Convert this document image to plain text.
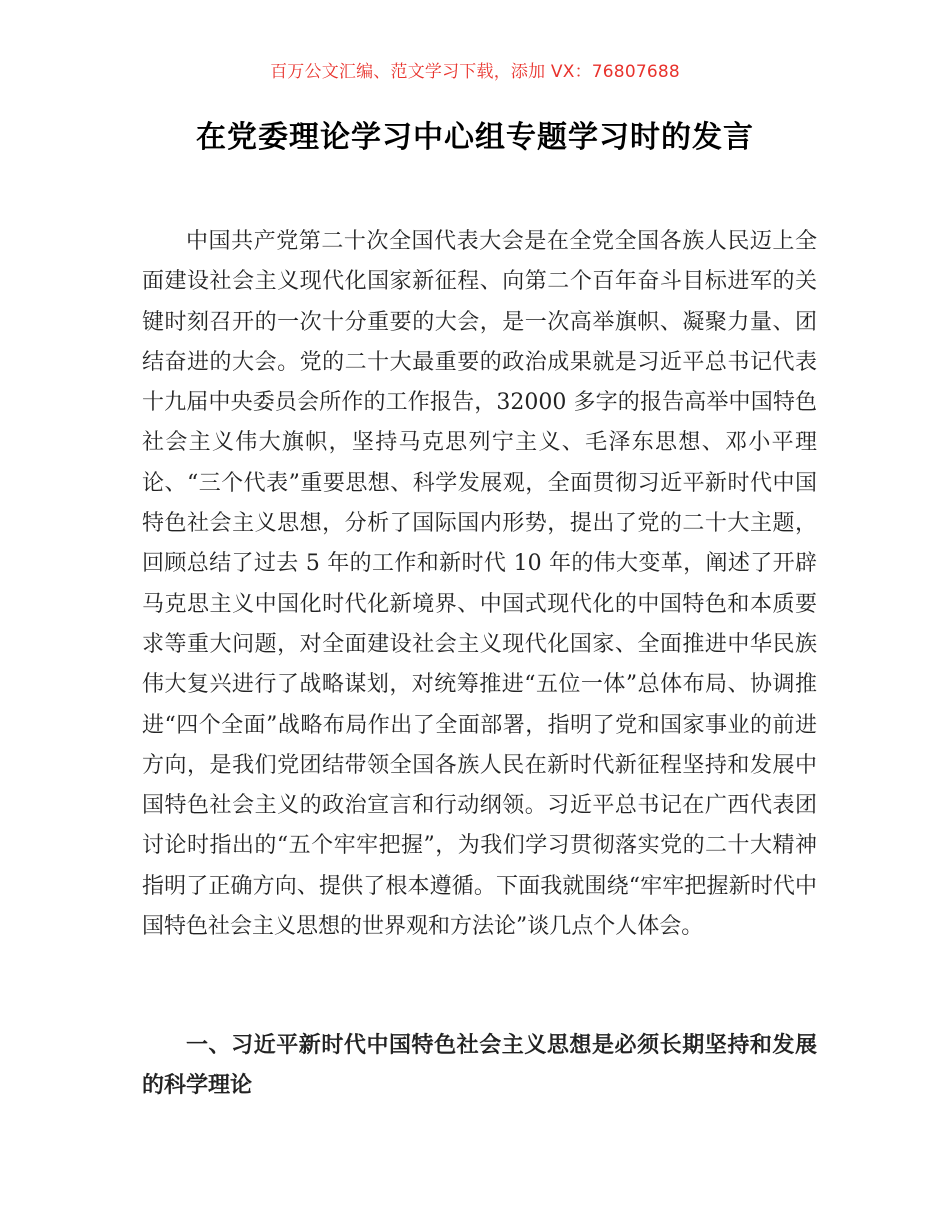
百万公文汇编、范文学习下载，添加 VX：76807688
在党委理论学习中心组专题学习时的发言

中国共产党第二十次全国代表大会是在全党全国各族人民迈上全面建设社会主义现代化国家新征程、向第二个百年奋斗目标进军的关键时刻召开的一次十分重要的大会，是一次高举旗帜、凝聚力量、团结奋进的大会。党的二十大最重要的政治成果就是习近平总书记代表十九届中央委员会所作的工作报告，32000 多字的报告高举中国特色社会主义伟大旗帜，坚持马克思列宁主义、毛泽东思想、邓小平理论、“三个代表”重要思想、科学发展观，全面贯彻习近平新时代中国特色社会主义思想，分析了国际国内形势，提出了党的二十大主题，回顾总结了过去 5 年的工作和新时代 10 年的伟大变革，阐述了开辟马克思主义中国化时代化新境界、中国式现代化的中国特色和本质要求等重大问题，对全面建设社会主义现代化国家、全面推进中华民族伟大复兴进行了战略谋划，对统筹推进“五位一体”总体布局、协调推进“四个全面”战略布局作出了全面部署，指明了党和国家事业的前进方向，是我们党团结带领全国各族人民在新时代新征程坚持和发展中国特色社会主义的政治宣言和行动纲领。习近平总书记在广西代表团讨论时指出的“五个牢牢把握”，为我们学习贯彻落实党的二十大精神指明了正确方向、提供了根本遵循。下面我就围绕“牢牢把握新时代中国特色社会主义思想的世界观和方法论”谈几点个人体会。

一、习近平新时代中国特色社会主义思想是必须长期坚持和发展的科学理论
